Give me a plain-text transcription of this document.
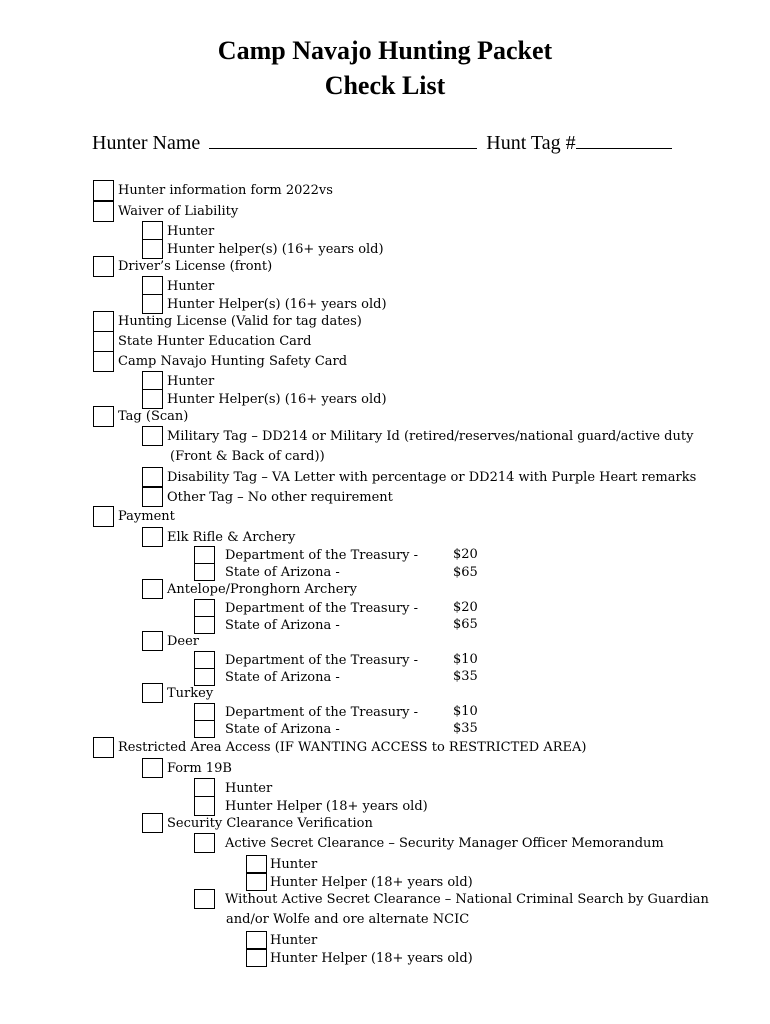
Camp Navajo Hunting Packet
Check List
Hunter Name	Hunt Tag #
Hunter information form 2022vs
Waiver of Liability
Hunter
Hunter helper(s) (16+ years old)
Driver’s License (front)
Hunter
Hunter Helper(s) (16+ years old)
Hunting License (Valid for tag dates)
State Hunter Education Card
Camp Navajo Hunting Safety Card
Hunter
Hunter Helper(s) (16+ years old)
Tag (Scan)
Military Tag – DD214 or Military Id (retired/reserves/national guard/active duty
(Front & Back of card))
Disability Tag – VA Letter with percentage or DD214 with Purple Heart remarks
Other Tag – No other requirement
Payment
Elk Rifle & Archery
Department of the Treasury -	$20
State of Arizona -	$65
Antelope/Pronghorn Archery
Department of the Treasury -	$20
State of Arizona -	$65
Deer
Department of the Treasury -	$10
State of Arizona -	$35
Turkey
Department of the Treasury -	$10
State of Arizona -	$35
Restricted Area Access (IF WANTING ACCESS to RESTRICTED AREA)
Form 19B
Hunter
Hunter Helper (18+ years old)
Security Clearance Verification
Active Secret Clearance – Security Manager Officer Memorandum
Hunter
Hunter Helper (18+ years old)
Without Active Secret Clearance – National Criminal Search by Guardian
and/or Wolfe and ore alternate NCIC
Hunter
Hunter Helper (18+ years old)
